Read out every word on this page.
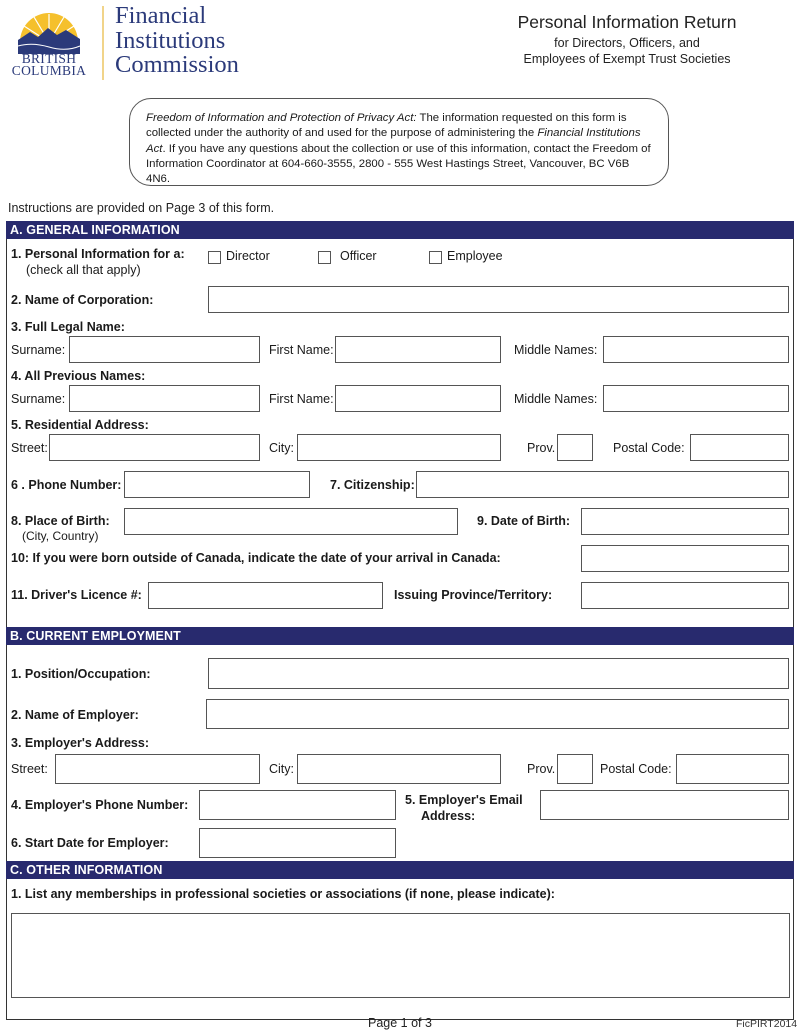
BRITISH
COLUMBIA
Financial
Institutions
Commission
Personal Information Return
for Directors, Officers, and
Employees of Exempt Trust Societies
Freedom of Information and Protection of Privacy Act: The information requested on this form is collected under the authority of and used for the purpose of administering the Financial Institutions Act. If you have any questions about the collection or use of this information, contact the Freedom of Information Coordinator at 604-660-3555, 2800 - 555 West Hastings Street, Vancouver, BC V6B 4N6.
Instructions are provided on Page 3 of this form.
A. GENERAL INFORMATION
1. Personal Information for a:
(check all that apply)
Director	Officer	Employee
2. Name of Corporation:
3. Full Legal Name:
Surname:	First Name:	Middle Names:
4. All Previous Names:
Surname:	First Name:	Middle Names:
5. Residential Address:
Street:	City:	Prov.	Postal Code:
6 . Phone Number:	7. Citizenship:
8. Place of Birth:
(City, Country)
9. Date of Birth:
10: If you were born outside of Canada, indicate the date of your arrival in Canada:
11. Driver's Licence #:	Issuing Province/Territory:
B. CURRENT EMPLOYMENT
1. Position/Occupation:
2. Name of Employer:
3. Employer's Address:
Street:	City:	Prov.	Postal Code:
4. Employer's Phone Number:	5. Employer's Email
Address:
6. Start Date for Employer:
C. OTHER INFORMATION
1. List any memberships in professional societies or associations (if none, please indicate):
Page 1 of 3	FicPIRT2014
